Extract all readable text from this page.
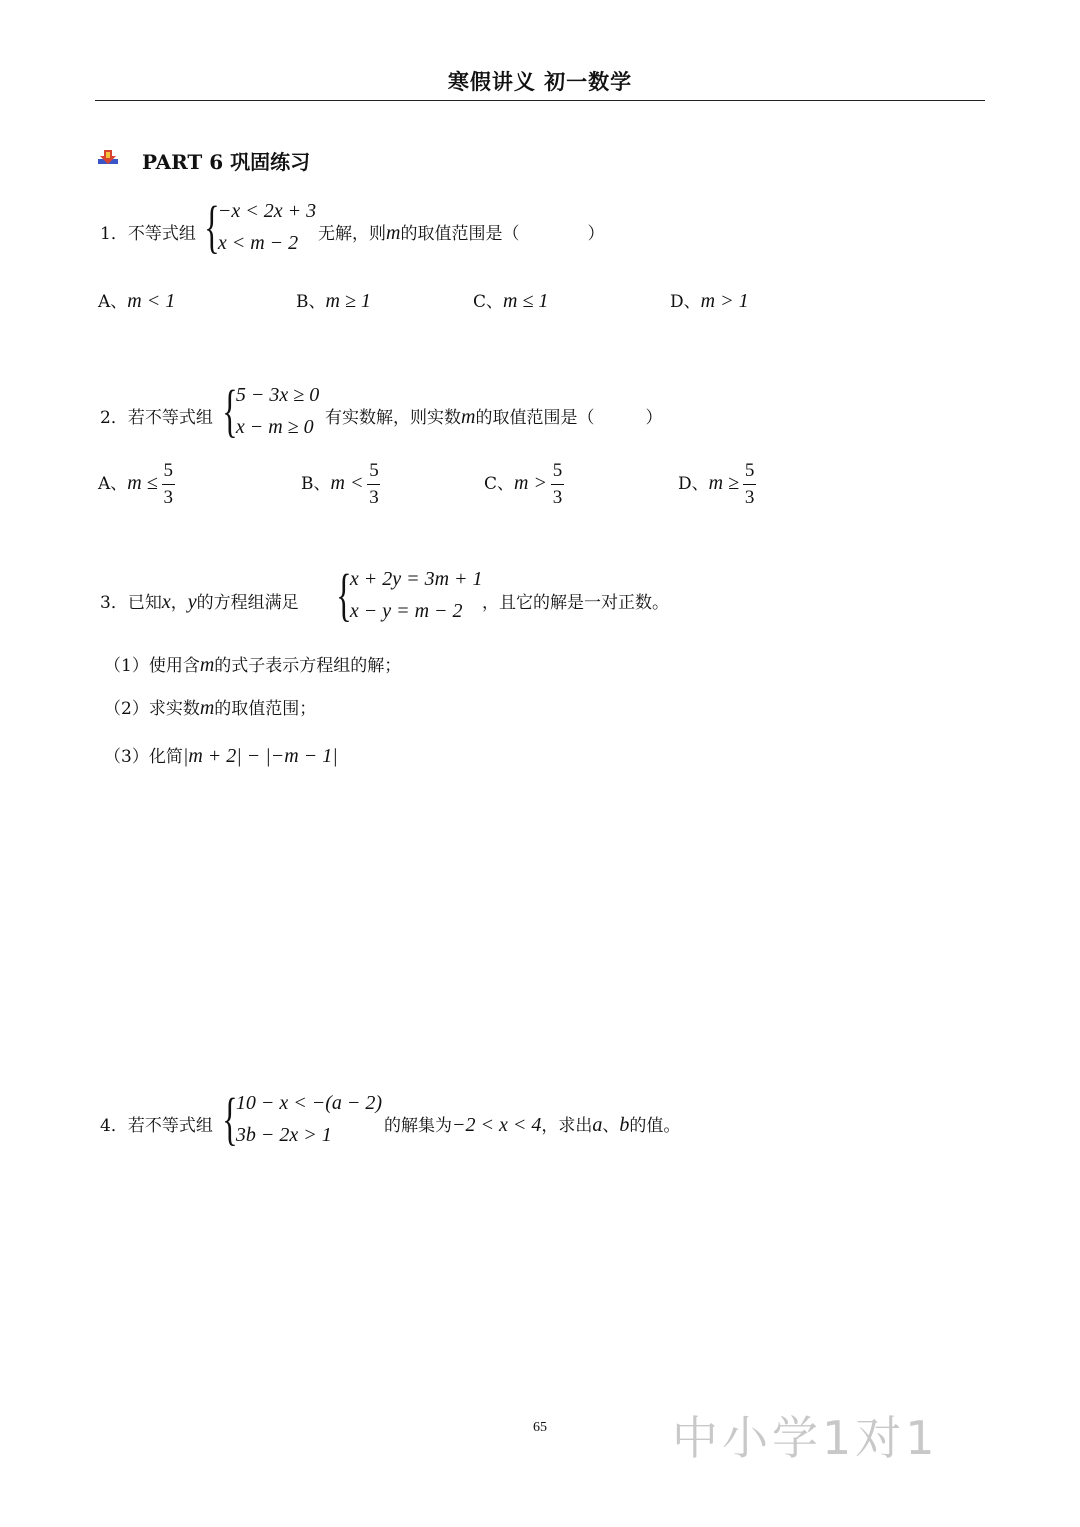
寒假讲义 初一数学
PART 6 巩固练习
1．不等式组 {
−x < 2x + 3
x < m − 2	无解，则m的取值范围是（　　　　）
A、m < 1	B、m ≥ 1	C、m ≤ 1	D、m > 1
2．若不等式组 {
5 − 3x ≥ 0
x − m ≥ 0 有实数解，则实数m的取值范围是（　　　）
A、$m \le \frac{5}{3}$	B、$m < \frac{5}{3}$	C、$m > \frac{5}{3}$	D、$m \ge \frac{5}{3}$
3．已知x，y的方程组满足 {
x + 2y = 3m + 1
x − y = m − 2	，且它的解是一对正数。
（1）使用含m的式子表示方程组的解；
（2）求实数m的取值范围；
（3）化简|m + 2| − |−m − 1|
4．若不等式组 {
10 − x < −(a − 2)
3b − 2x > 1	的解集为−2 < x < 4，求出a、b的值。
65	中小学1对1
